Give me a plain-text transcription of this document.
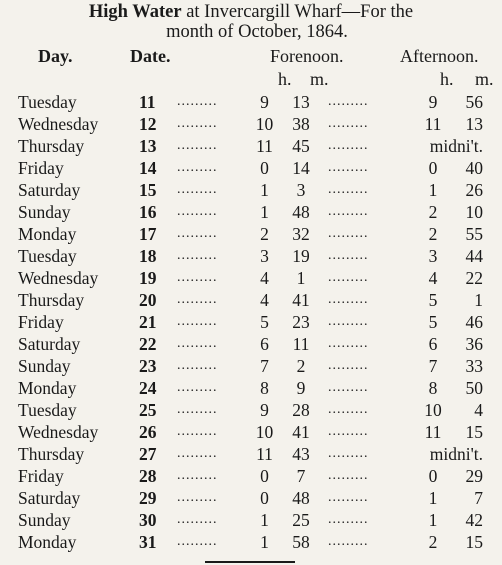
High Water at Invercargill Wharf—For the
month of October, 1864.
Day.	Date.	Forenoon.	Afternoon.
h. m.	h. m.
Tuesday	11	.........	9	13	.........	9	56
Wednesday	12	.........	10	38	.........	11	13
Thursday	13	.........	11	45	.........	midni't.	
Friday	14	.........	0	14	.........	0	40
Saturday	15	.........	1	3	.........	1	26
Sunday	16	.........	1	48	.........	2	10
Monday	17	.........	2	32	.........	2	55
Tuesday	18	.........	3	19	.........	3	44
Wednesday	19	.........	4	1	.........	4	22
Thursday	20	.........	4	41	.........	5	1
Friday	21	.........	5	23	.........	5	46
Saturday	22	.........	6	11	.........	6	36
Sunday	23	.........	7	2	.........	7	33
Monday	24	.........	8	9	.........	8	50
Tuesday	25	.........	9	28	.........	10	4
Wednesday	26	.........	10	41	.........	11	15
Thursday	27	.........	11	43	.........	midni't.	
Friday	28	.........	0	7	.........	0	29
Saturday	29	.........	0	48	.........	1	7
Sunday	30	.........	1	25	.........	1	42
Monday	31	.........	1	58	.........	2	15
